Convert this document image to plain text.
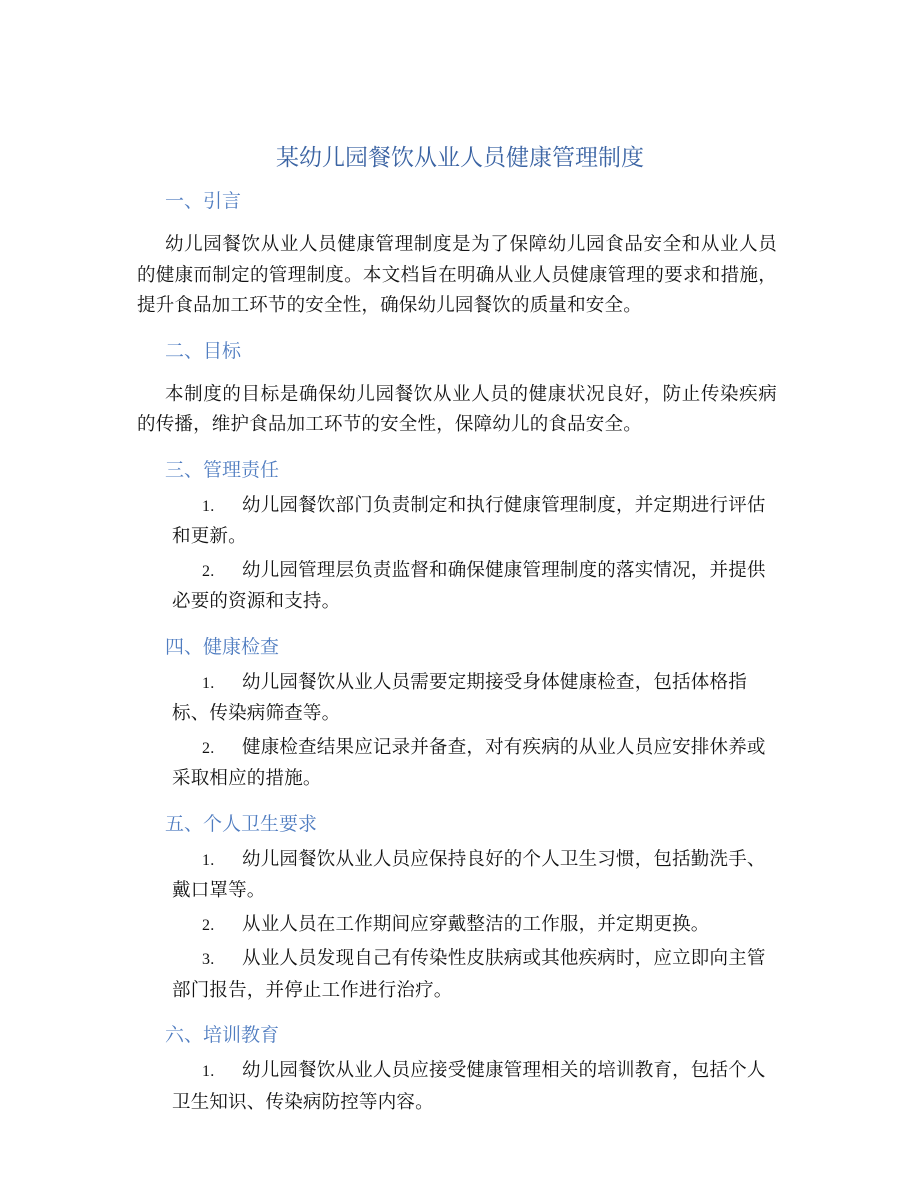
某幼儿园餐饮从业人员健康管理制度
一、引言

幼儿园餐饮从业人员健康管理制度是为了保障幼儿园食品安全和从业人员的健康而制定的管理制度。本文档旨在明确从业人员健康管理的要求和措施，提升食品加工环节的安全性，确保幼儿园餐饮的质量和安全。

二、目标

本制度的目标是确保幼儿园餐饮从业人员的健康状况良好，防止传染疾病的传播，维护食品加工环节的安全性，保障幼儿的食品安全。

三、管理责任
1. 幼儿园餐饮部门负责制定和执行健康管理制度，并定期进行评估和更新。
2. 幼儿园管理层负责监督和确保健康管理制度的落实情况，并提供必要的资源和支持。
四、健康检查
1. 幼儿园餐饮从业人员需要定期接受身体健康检查，包括体格指标、传染病筛查等。
2. 健康检查结果应记录并备查，对有疾病的从业人员应安排休养或采取相应的措施。
五、个人卫生要求
1. 幼儿园餐饮从业人员应保持良好的个人卫生习惯，包括勤洗手、戴口罩等。
2. 从业人员在工作期间应穿戴整洁的工作服，并定期更换。
3. 从业人员发现自己有传染性皮肤病或其他疾病时，应立即向主管部门报告，并停止工作进行治疗。
六、培训教育
1. 幼儿园餐饮从业人员应接受健康管理相关的培训教育，包括个人卫生知识、传染病防控等内容。
